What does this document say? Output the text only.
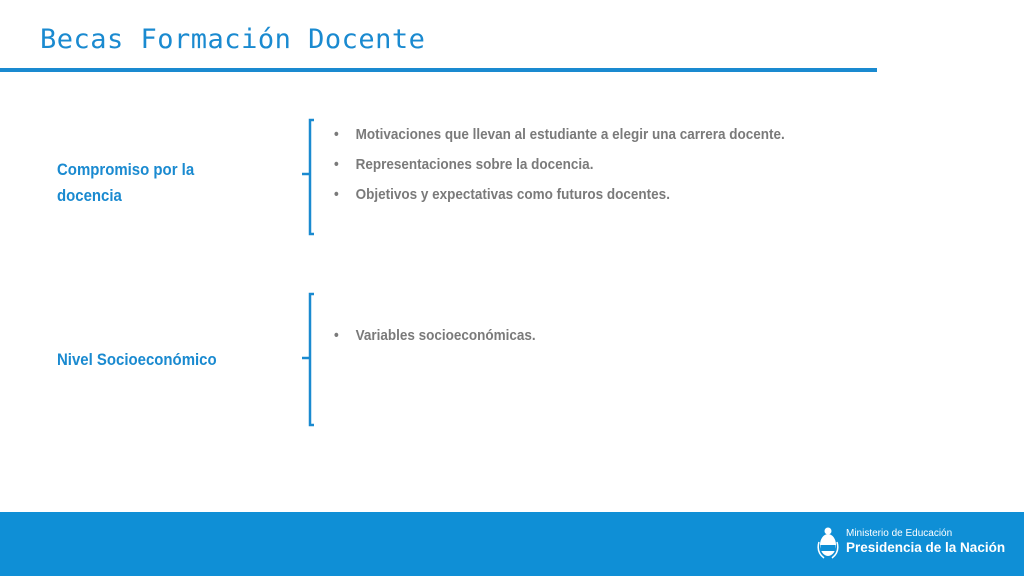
Becas Formación Docente
Compromiso por la docencia
• Motivaciones que llevan al estudiante a elegir una carrera docente.
• Representaciones sobre la docencia.
• Objetivos y expectativas como futuros docentes.
Nivel Socioeconómico
• Variables socioeconómicas.
Ministerio de Educación
Presidencia de la Nación
